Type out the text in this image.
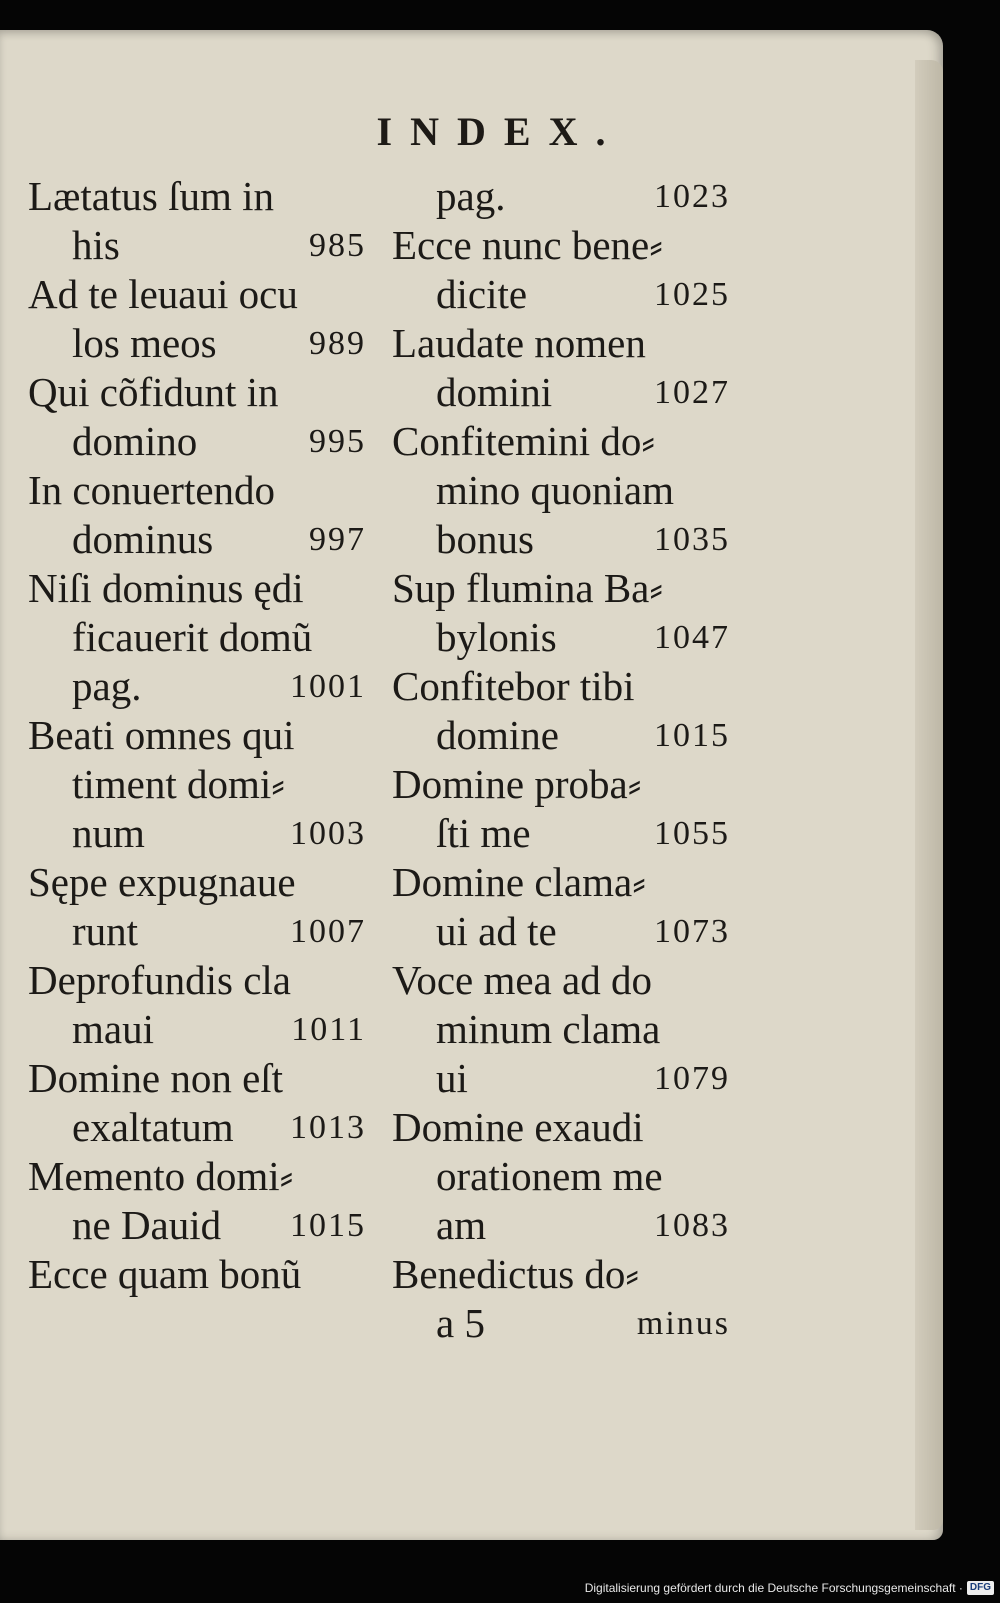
INDEX.
Lætatus ſum in
his	985
Ad te leuaui ocu
los meos	989
Qui cõfidunt in
domino	995
In conuertendo
dominus	997
Niſi dominus ędi
ficauerit domũ
pag.	1001
Beati omnes qui
timent domi⸗
num	1003
Sępe expugnaue
runt	1007
Deprofundis cla
maui	1011
Domine non eſt
exaltatum 1013
Memento domi⸗
ne Dauid 1015
Ecce quam bonũ
pag.	1023
Ecce nunc bene⸗
dicite	1025
Laudate nomen
domini	1027
Confitemini do⸗
mino quoniam
bonus	1035
Sup flumina Ba⸗
bylonis	1047
Confitebor tibi
domine	1015
Domine proba⸗
ſti me	1055
Domine clama⸗
ui ad te	1073
Voce mea ad do
minum clama
ui	1079
Domine exaudi
orationem me
am	1083
Benedictus do⸗
a 5	minus
Digitalisierung gefördert durch die Deutsche Forschungsgemeinschaft · DFG
